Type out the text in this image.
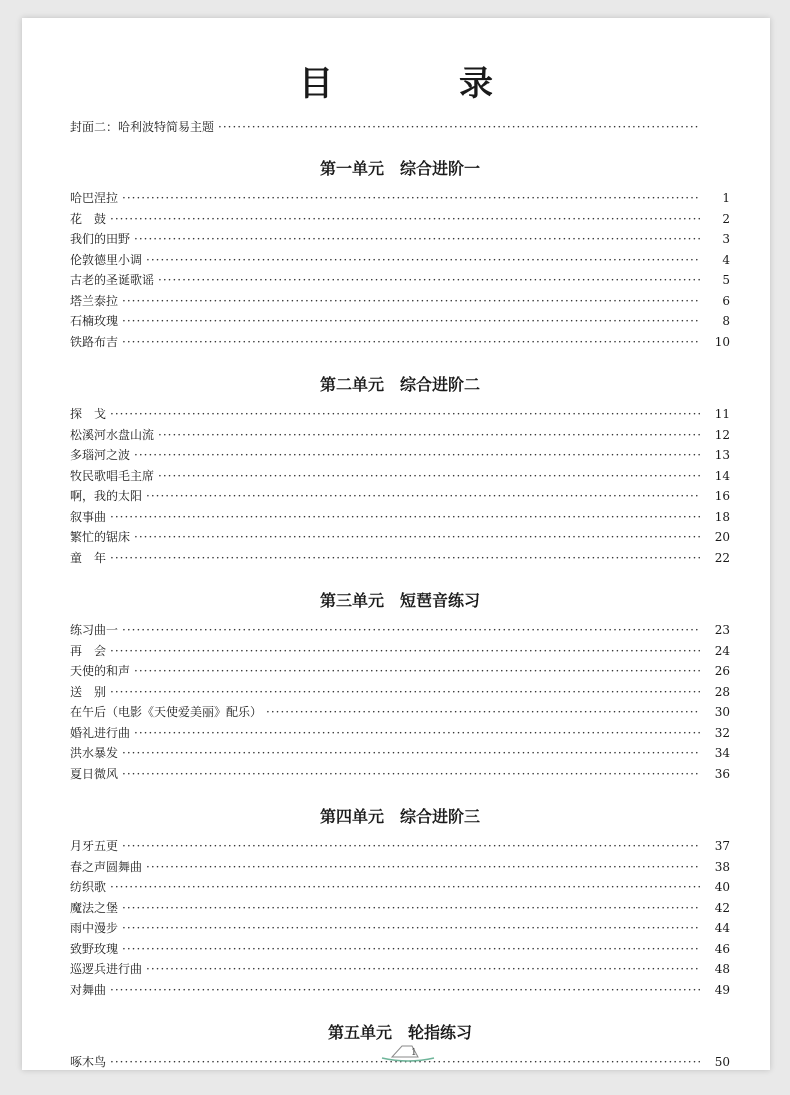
目　录
封面二：哈利波特简易主题
·····
第一单元　综合进阶一
哈巴涅拉 ·····	1
花　鼓 ·····	2
我们的田野 ·····	3
伦敦德里小调 ·····	4
古老的圣诞歌谣 ·····	5
塔兰泰拉 ·····	6
石楠玫瑰 ·····	8
铁路布吉 ·····	10
第二单元　综合进阶二
探　戈 ·····	11
松溪河水盘山流 ·····	12
多瑙河之波 ·····	13
牧民歌唱毛主席 ·····	14
啊，我的太阳 ·····	16
叙事曲 ·····	18
繁忙的锯床 ·····	20
童　年 ·····	22
第三单元　短琶音练习
练习曲一 ·····	23
再　会 ·····	24
天使的和声 ·····	26
送　别 ·····	28
在午后（电影《天使爱美丽》配乐） ·····	30
婚礼进行曲 ·····	32
洪水暴发 ·····	34
夏日微风 ·····	36
第四单元　综合进阶三
月牙五更 ·····	37
春之声圆舞曲 ·····	38
纺织歌 ·····	40
魔法之堡 ·····	42
雨中漫步 ·····	44
致野玫瑰 ·····	46
巡逻兵进行曲 ·····	48
对舞曲 ·····	49
第五单元　轮指练习
啄木鸟 ·····	50
1
